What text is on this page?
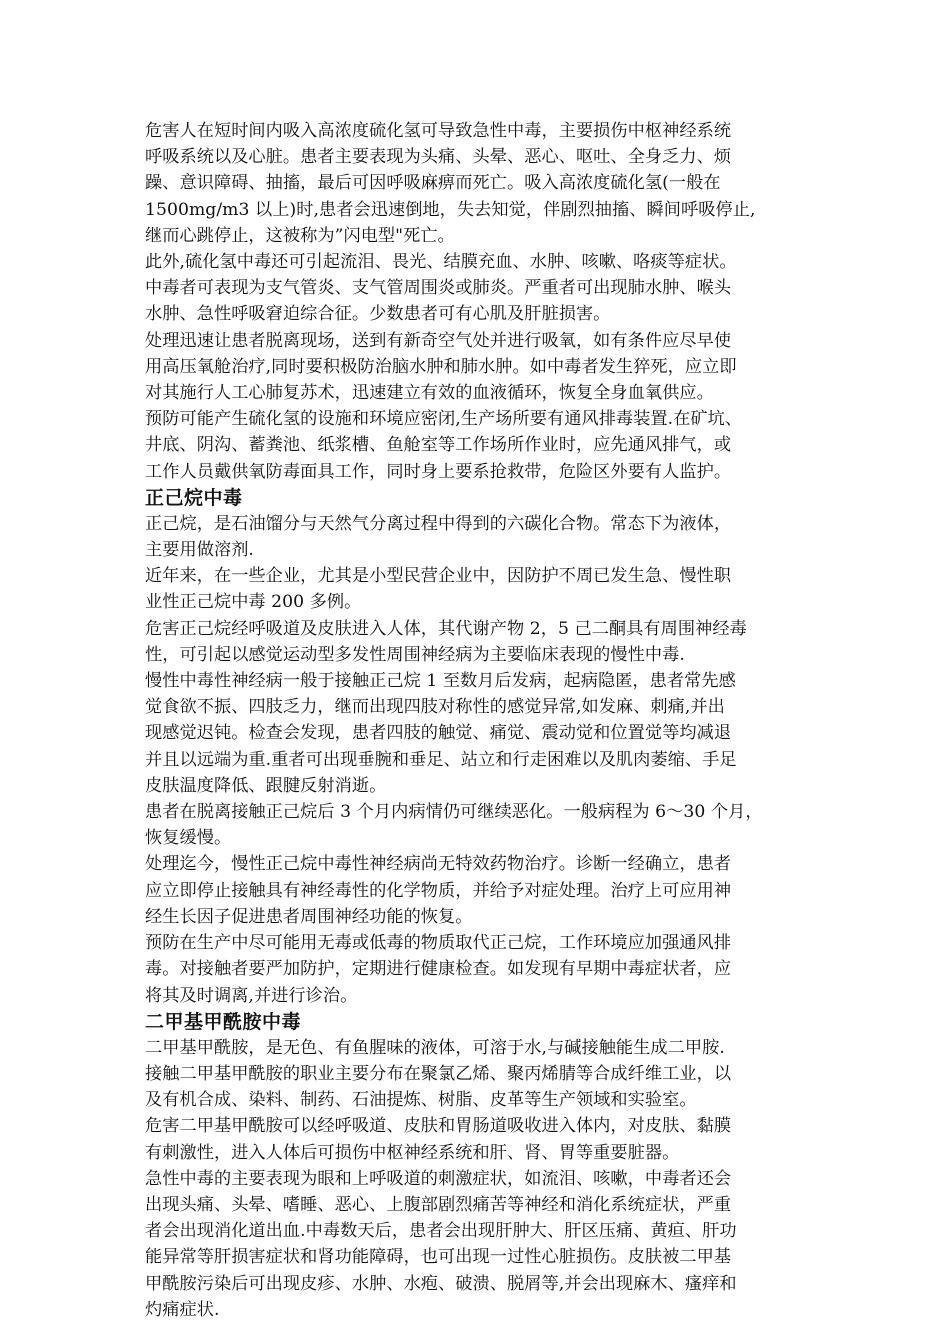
危害人在短时间内吸入高浓度硫化氢可导致急性中毒，主要损伤中枢神经系统
呼吸系统以及心脏。患者主要表现为头痛、头晕、恶心、呕吐、全身乏力、烦
躁、意识障碍、抽搐，最后可因呼吸麻痹而死亡。吸入高浓度硫化氢(一般在
1500mg/m3 以上)时,患者会迅速倒地，失去知觉，伴剧烈抽搐、瞬间呼吸停止,
继而心跳停止，这被称为”闪电型"死亡。

此外,硫化氢中毒还可引起流泪、畏光、结膜充血、水肿、咳嗽、咯痰等症状。

中毒者可表现为支气管炎、支气管周围炎或肺炎。严重者可出现肺水肿、喉头
水肿、急性呼吸窘迫综合征。少数患者可有心肌及肝脏损害。

处理迅速让患者脱离现场，送到有新奇空气处并进行吸氧，如有条件应尽早使
用高压氧舱治疗,同时要积极防治脑水肿和肺水肿。如中毒者发生猝死，应立即
对其施行人工心肺复苏术，迅速建立有效的血液循环，恢复全身血氧供应。

预防可能产生硫化氢的设施和环境应密闭,生产场所要有通风排毒装置.在矿坑、
井底、阴沟、蓄粪池、纸浆槽、鱼舱室等工作场所作业时，应先通风排气，或
工作人员戴供氧防毒面具工作，同时身上要系抢救带，危险区外要有人监护。

正己烷中毒

正己烷，是石油馏分与天然气分离过程中得到的六碳化合物。常态下为液体，
主要用做溶剂.

近年来，在一些企业，尤其是小型民营企业中，因防护不周已发生急、慢性职
业性正己烷中毒 200 多例。

危害正己烷经呼吸道及皮肤进入人体，其代谢产物 2，5 己二酮具有周围神经毒
性，可引起以感觉运动型多发性周围神经病为主要临床表现的慢性中毒.

慢性中毒性神经病一般于接触正己烷 1 至数月后发病，起病隐匿，患者常先感
觉食欲不振、四肢乏力，继而出现四肢对称性的感觉异常,如发麻、刺痛,并出
现感觉迟钝。检查会发现，患者四肢的触觉、痛觉、震动觉和位置觉等均减退
并且以远端为重.重者可出现垂腕和垂足、站立和行走困难以及肌肉萎缩、手足
皮肤温度降低、跟腱反射消逝。

患者在脱离接触正己烷后 3 个月内病情仍可继续恶化。一般病程为 6～30 个月，
恢复缓慢。

处理迄今，慢性正己烷中毒性神经病尚无特效药物治疗。诊断一经确立，患者
应立即停止接触具有神经毒性的化学物质，并给予对症处理。治疗上可应用神
经生长因子促进患者周围神经功能的恢复。

预防在生产中尽可能用无毒或低毒的物质取代正己烷，工作环境应加强通风排
毒。对接触者要严加防护，定期进行健康检查。如发现有早期中毒症状者，应
将其及时调离,并进行诊治。

二甲基甲酰胺中毒

二甲基甲酰胺，是无色、有鱼腥味的液体，可溶于水,与碱接触能生成二甲胺.

接触二甲基甲酰胺的职业主要分布在聚氯乙烯、聚丙烯腈等合成纤维工业，以
及有机合成、染料、制药、石油提炼、树脂、皮革等生产领域和实验室。

危害二甲基甲酰胺可以经呼吸道、皮肤和胃肠道吸收进入体内，对皮肤、黏膜
有刺激性，进入人体后可损伤中枢神经系统和肝、肾、胃等重要脏器。

急性中毒的主要表现为眼和上呼吸道的刺激症状，如流泪、咳嗽，中毒者还会
出现头痛、头晕、嗜睡、恶心、上腹部剧烈痛苦等神经和消化系统症状，严重
者会出现消化道出血.中毒数天后，患者会出现肝肿大、肝区压痛、黄疸、肝功
能异常等肝损害症状和肾功能障碍，也可出现一过性心脏损伤。皮肤被二甲基
甲酰胺污染后可出现皮疹、水肿、水疱、破溃、脱屑等,并会出现麻木、瘙痒和
灼痛症状.
